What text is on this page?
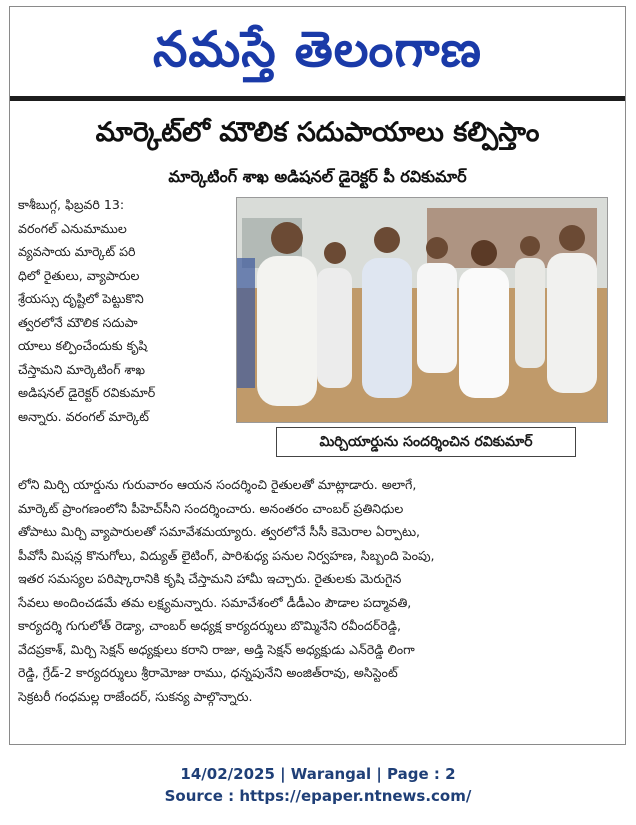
నమస్తే తెలంగాణ
మార్కెట్‌లో మౌలిక సదుపాయాలు కల్పిస్తాం
మార్కెటింగ్ శాఖ అడిషనల్ డైరెక్టర్ పీ రవికుమార్
కాశీబుగ్గ, ఫిబ్రవరి 13:
వరంగల్ ఎనుమాముల
వ్యవసాయ మార్కెట్ పరి
ధిలో రైతులు, వ్యాపారుల
శ్రేయస్సు దృష్టిలో పెట్టుకొని
త్వరలోనే మౌలిక సదుపా
యాలు కల్పించేందుకు కృషి
చేస్తామని మార్కెటింగ్ శాఖ
అడిషనల్ డైరెక్టర్ రవికుమార్
అన్నారు. వరంగల్ మార్కెట్
మిర్చియార్డును సందర్శించిన రవికుమార్
లోని మిర్చి యార్డును గురువారం ఆయన సందర్శించి రైతులతో మాట్లాడారు. అలాగే,
మార్కెట్ ప్రాంగణంలోని పీహెచ్‌సీని సందర్శించారు. అనంతరం చాంబర్ ప్రతినిధుల
తోపాటు మిర్చి వ్యాపారులతో సమావేశమయ్యారు. త్వరలోనే సీసీ కెమెరాల ఏర్పాటు,
పీవోసీ మిషన్ల కొనుగోలు, విద్యుత్ లైటింగ్, పారిశుధ్య పనుల నిర్వహణ, సిబ్బంది పెంపు,
ఇతర సమస్యల పరిష్కారానికి కృషి చేస్తామని హామీ ఇచ్చారు. రైతులకు మెరుగైన
సేవలు అందించడమే తమ లక్ష్యమన్నారు. సమావేశంలో డీడీఎం పౌడాల పద్మావతి,
కార్యదర్శి గుగులోత్ రెడ్యా, చాంబర్ అధ్యక్ష కార్యదర్శులు బొమ్మినేని రవీందర్‌రెడ్డి,
వేదప్రకాశ్, మిర్చి సెక్షన్ అధ్యక్షులు కరాని రాజు, అడ్తి సెక్షన్ అధ్యక్షుడు ఎన్‌రెడ్డి లింగా
రెడ్డి, గ్రేడ్-2 కార్యదర్శులు శ్రీరామోజు రాము, ధన్నపునేని అంజిత్‌రావు, అసిస్టెంట్
సెక్రటరీ గంధమల్ల రాజేందర్, సుకన్య పాల్గొన్నారు.
14/02/2025 | Warangal | Page : 2
Source : https://epaper.ntnews.com/
